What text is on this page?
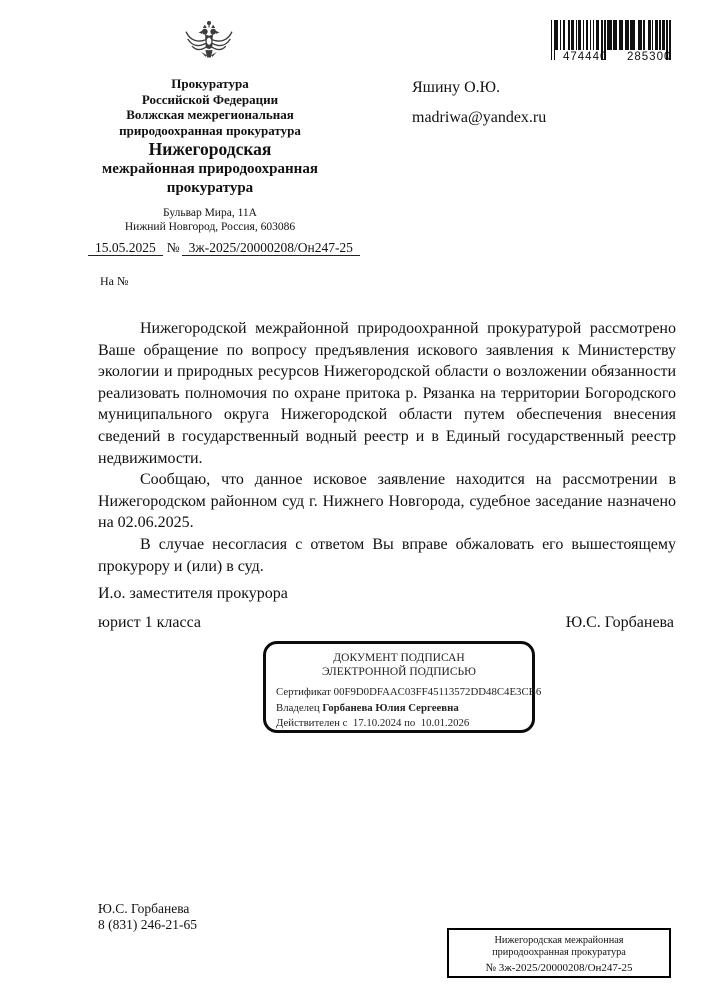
Прокуратура
Российской Федерации
Волжская межрегиональная
природоохранная прокуратура
Нижегородская
межрайонная природоохранная
прокуратура
Бульвар Мира, 11А
Нижний Новгород, Россия, 603086
15.05.2025 № 3ж-2025/20000208/Он247-25
На №
Яшину О.Ю.
madriwa@yandex.ru
474440 285300

Нижегородской межрайонной природоохранной прокуратурой рассмотрено Ваше обращение по вопросу предъявления искового заявления к Министерству экологии и природных ресурсов Нижегородской области о возложении обязанности реализовать полномочия по охране притока р. Рязанка на территории Богородского муниципального округа Нижегородской области путем обеспечения внесения сведений в государственный водный реестр и в Единый государственный реестр недвижимости.

Сообщаю, что данное исковое заявление находится на рассмотрении в Нижегородском районном суд г. Нижнего Новгорода, судебное заседание назначено на 02.06.2025.

В случае несогласия с ответом Вы вправе обжаловать его вышестоящему прокурору и (или) в суд.

И.о. заместителя прокурора
юрист 1 класса	Ю.С. Горбанева
ДОКУМЕНТ ПОДПИСАН
ЭЛЕКТРОННОЙ ПОДПИСЬЮ
Сертификат 00F9D0DFAAC03FF45113572DD48C4E3CB6
Владелец Горбанева Юлия Сергеевна
Действителен с 17.10.2024 по 10.01.2026
Ю.С. Горбанева
8 (831) 246-21-65
Нижегородская межрайонная природоохранная прокуратура
№ 3ж-2025/20000208/Он247-25
